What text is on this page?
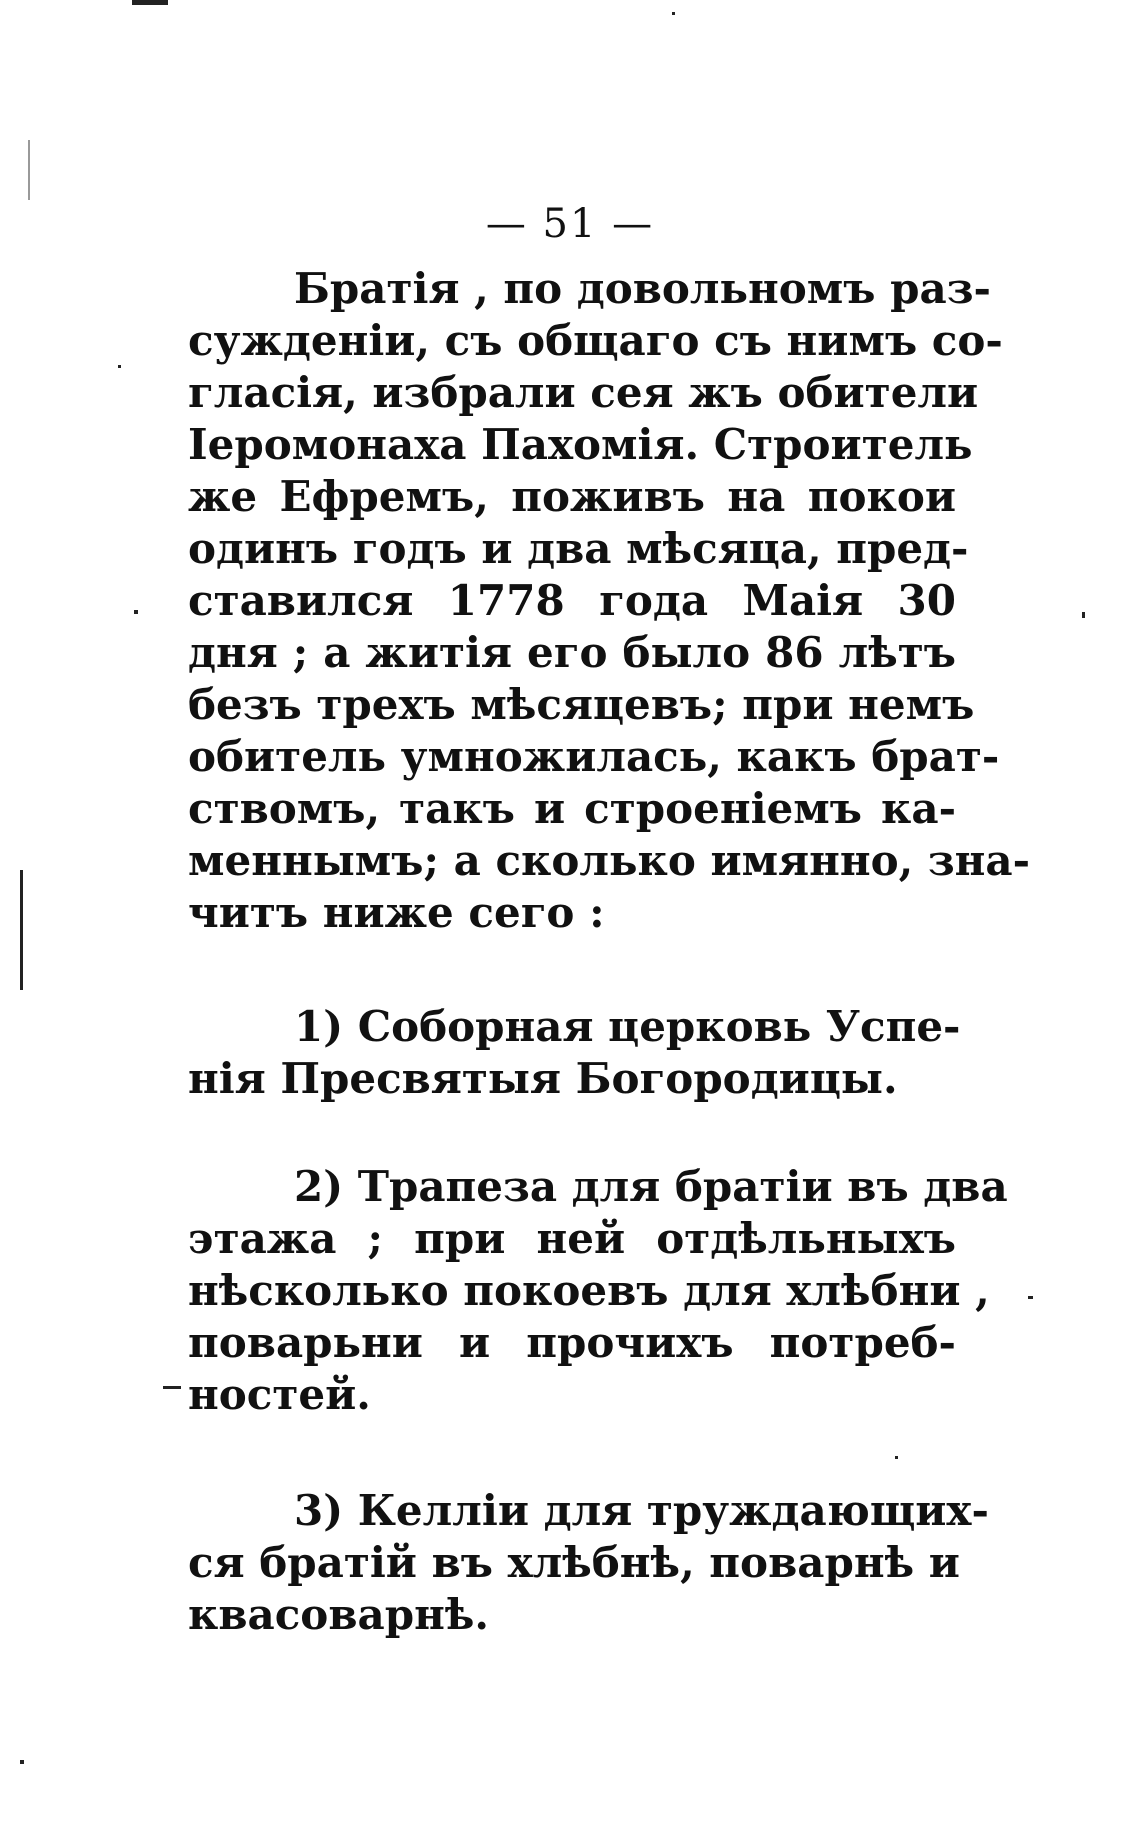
— 51 —
Братія , по довольномъ раз-
сужденіи, съ общаго съ нимъ со-
гласія, избрали сея жъ обители
Іеромонаха Пахомія. Строитель
же Ефремъ, поживъ на покои
одинъ годъ и два мѣсяца, пред-
ставился 1778 года Маія 30
дня ; а житія его было 86 лѣтъ
безъ трехъ мѣсяцевъ; при немъ
обитель умножилась, какъ брат-
ствомъ, такъ и строеніемъ ка-
меннымъ; а сколько имянно, зна-
читъ ниже сего :
1) Соборная церковь Успе-
нія Пресвятыя Богородицы.
2) Трапеза для братіи въ два
этажа ; при ней отдѣльныхъ
нѣсколько покоевъ для хлѣбни ,
поварьни и прочихъ потреб-
ностей.
3) Келліи для труждающих-
ся братій въ хлѣбнѣ, поварнѣ и
квасоварнѣ.
